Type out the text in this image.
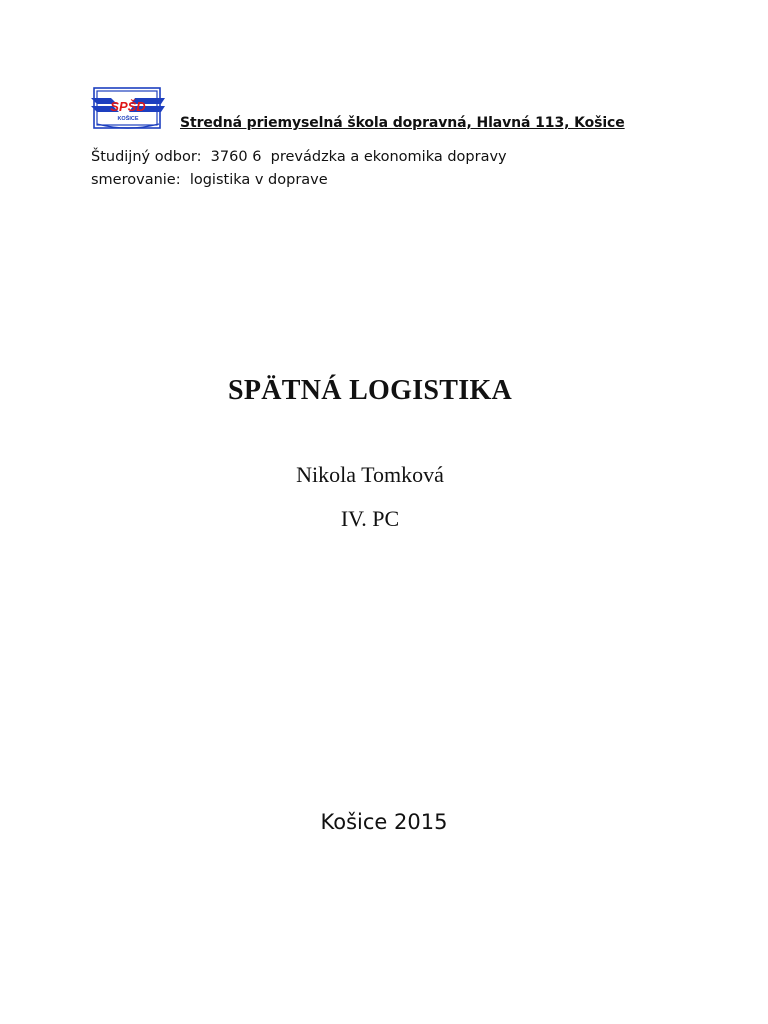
SPŠD
KOŠICE	Stredná priemyselná škola dopravná, Hlavná 113, Košice
Študijný odbor:  3760 6  prevádzka a ekonomika dopravy
smerovanie:  logistika v doprave
SPÄTNÁ LOGISTIKA
Nikola Tomková
IV. PC
Košice 2015
